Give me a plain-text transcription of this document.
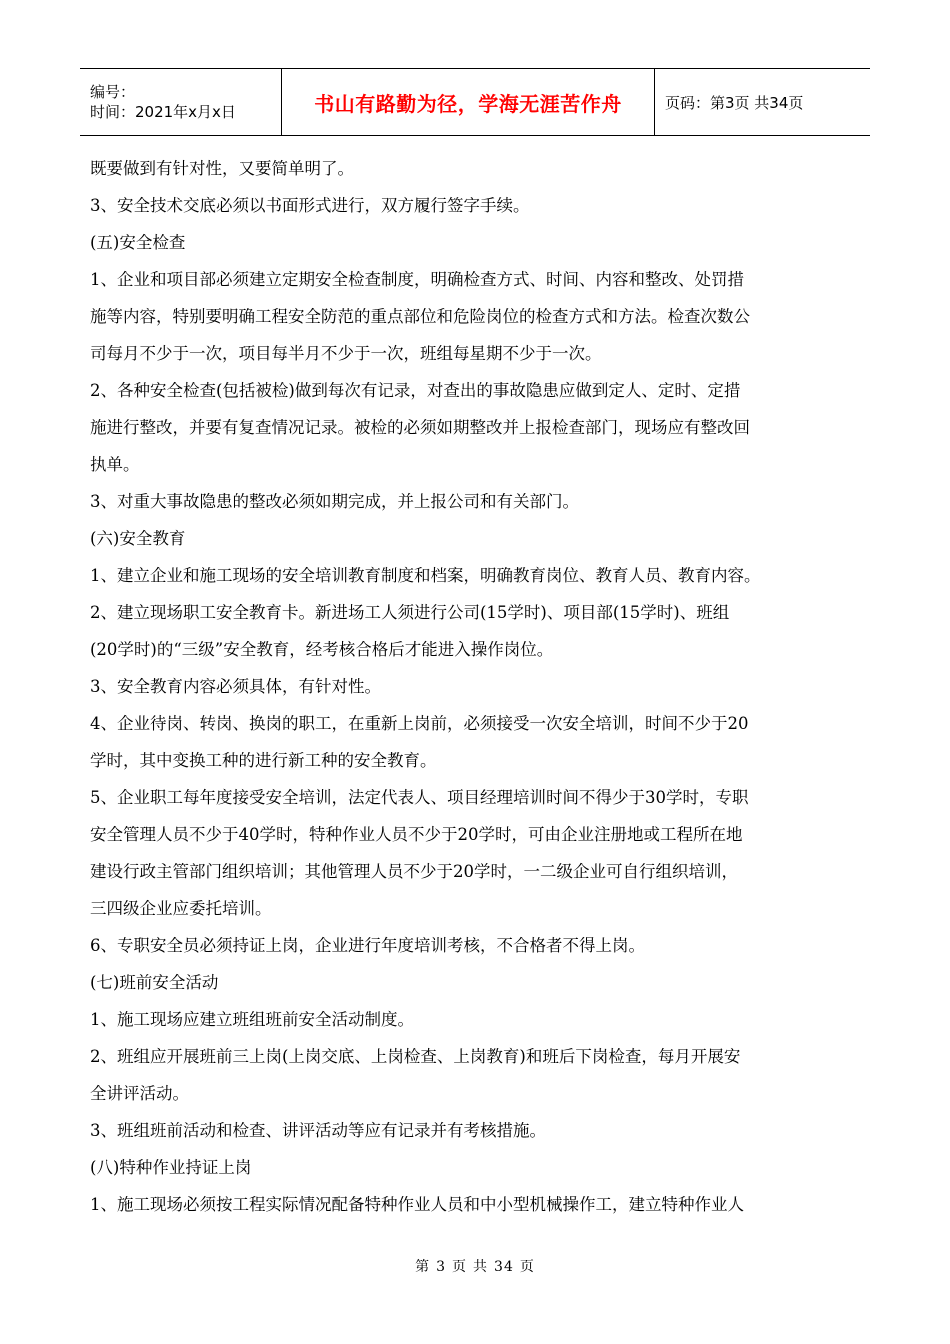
编号：
时间：2021年x月x日	书山有路勤为径，学海无涯苦作舟	页码：第3页 共34页

既要做到有针对性，又要简单明了。

3、安全技术交底必须以书面形式进行，双方履行签字手续。

(五)安全检查

1、企业和项目部必须建立定期安全检查制度，明确检查方式、时间、内容和整改、处罚措

施等内容，特别要明确工程安全防范的重点部位和危险岗位的检查方式和方法。检查次数公

司每月不少于一次，项目每半月不少于一次，班组每星期不少于一次。

2、各种安全检查(包括被检)做到每次有记录，对查出的事故隐患应做到定人、定时、定措

施进行整改，并要有复查情况记录。被检的必须如期整改并上报检查部门，现场应有整改回

执单。

3、对重大事故隐患的整改必须如期完成，并上报公司和有关部门。

(六)安全教育

1、建立企业和施工现场的安全培训教育制度和档案，明确教育岗位、教育人员、教育内容。

2、建立现场职工安全教育卡。新进场工人须进行公司(15学时)、项目部(15学时)、班组

(20学时)的“三级”安全教育，经考核合格后才能进入操作岗位。

3、安全教育内容必须具体，有针对性。

4、企业待岗、转岗、换岗的职工，在重新上岗前，必须接受一次安全培训，时间不少于20

学时，其中变换工种的进行新工种的安全教育。

5、企业职工每年度接受安全培训，法定代表人、项目经理培训时间不得少于30学时，专职

安全管理人员不少于40学时，特种作业人员不少于20学时，可由企业注册地或工程所在地

建设行政主管部门组织培训；其他管理人员不少于20学时，一二级企业可自行组织培训，

三四级企业应委托培训。

6、专职安全员必须持证上岗，企业进行年度培训考核，不合格者不得上岗。

(七)班前安全活动

1、施工现场应建立班组班前安全活动制度。

2、班组应开展班前三上岗(上岗交底、上岗检查、上岗教育)和班后下岗检查，每月开展安

全讲评活动。

3、班组班前活动和检查、讲评活动等应有记录并有考核措施。

(八)特种作业持证上岗

1、施工现场必须按工程实际情况配备特种作业人员和中小型机械操作工，建立特种作业人

第 3 页 共 34 页
